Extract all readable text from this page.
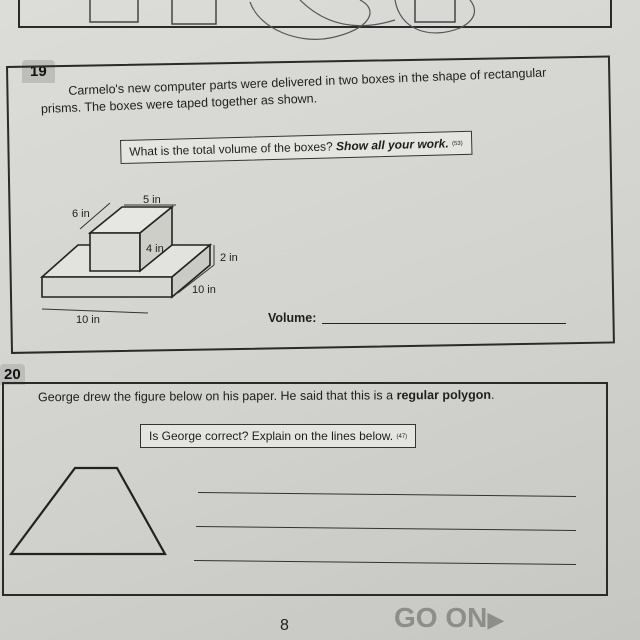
19	Carmelo's new computer parts were delivered in two boxes in the shape of rectangular
prisms. The boxes were taped together as shown.
What is the total volume of the boxes? Show all your work. (53)
5 in
6 in
4 in
2 in
10 in
10 in	Volume:
20
George drew the figure below on his paper. He said that this is a regular polygon.
Is George correct? Explain on the lines below. (47)
8	GO ON▶
